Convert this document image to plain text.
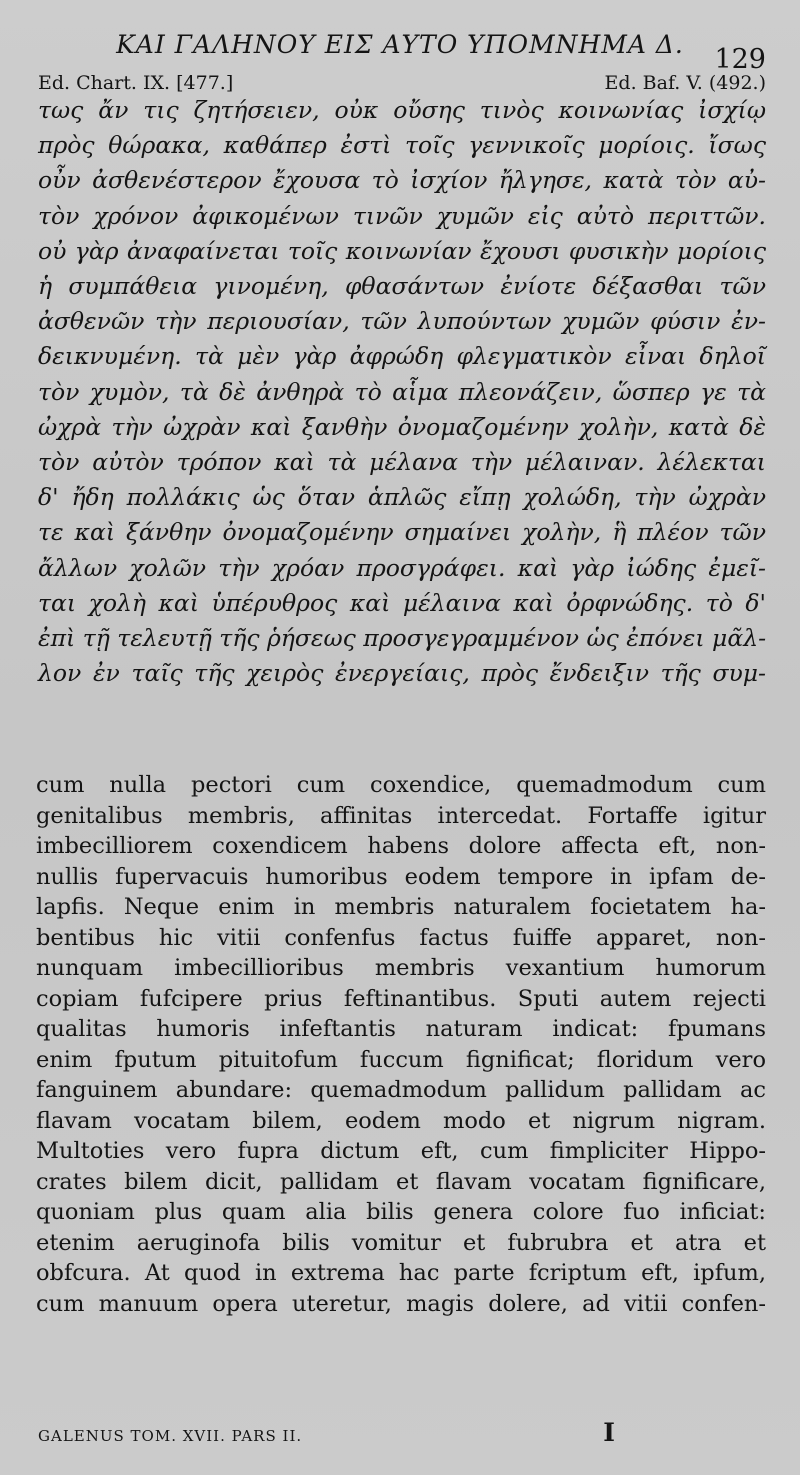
ΚΑΙ ΓΑΛΗΝΟΥ ΕΙΣ ΑΥΤΟ ΥΠΟΜΝΗΜΑ Δ.	129
Ed. Chart. IX. [477.]	Ed. Baf. V. (492.)
τως ἄν τις ζητήσειεν, οὐκ οὔσης τινὸς κοινωνίας ἰσχίῳ
πρὸς θώρακα, καθάπερ ἐστὶ τοῖς γεννικοῖς μορίοις. ἴσως
οὖν ἀσθενέστερον ἔχουσα τὸ ἰσχίον ἤλγησε, κατὰ τὸν αὐ-
τὸν χρόνον ἀφικομένων τινῶν χυμῶν εἰς αὐτὸ περιττῶν.
οὐ γὰρ ἀναφαίνεται τοῖς κοινωνίαν ἔχουσι φυσικὴν μορίοις
ἡ συμπάθεια γινομένη, φθασάντων ἐνίοτε δέξασθαι τῶν
ἀσθενῶν τὴν περιουσίαν, τῶν λυπούντων χυμῶν φύσιν ἐν-
δεικνυμένη. τὰ μὲν γὰρ ἀφρώδη φλεγματικὸν εἶναι δηλοῖ
τὸν χυμὸν, τὰ δὲ ἀνθηρὰ τὸ αἷμα πλεονάζειν, ὥσπερ γε τὰ
ὠχρὰ τὴν ὠχρὰν καὶ ξανθὴν ὀνομαζομένην χολὴν, κατὰ δὲ
τὸν αὐτὸν τρόπον καὶ τὰ μέλανα τὴν μέλαιναν. λέλεκται
δ' ἤδη πολλάκις ὡς ὅταν ἁπλῶς εἴπῃ χολώδη, τὴν ὠχρὰν
τε καὶ ξάνθην ὀνομαζομένην σημαίνει χολὴν, ἣ πλέον τῶν
ἄλλων χολῶν τὴν χρόαν προσγράφει. καὶ γὰρ ἰώδης ἐμεῖ-
ται χολὴ καὶ ὑπέρυθρος καὶ μέλαινα καὶ ὀρφνώδης. τὸ δ'
ἐπὶ τῇ τελευτῇ τῆς ῥήσεως προσγεγραμμένον ὡς ἐπόνει μᾶλ-
λον ἐν ταῖς τῆς χειρὸς ἐνεργείαις, πρὸς ἔνδειξιν τῆς συμ-

cum nulla pectori cum coxendice, quemadmodum cum
genitalibus membris, affinitas intercedat. Fortaffe igitur
imbecilliorem coxendicem habens dolore affecta eft, non-
nullis fupervacuis humoribus eodem tempore in ipfam de-
lapfis. Neque enim in membris naturalem focietatem ha-
bentibus hic vitii confenfus factus fuiffe apparet, non-
nunquam imbecillioribus membris vexantium humorum
copiam fufcipere prius feftinantibus. Sputi autem rejecti
qualitas humoris infeftantis naturam indicat: fpumans
enim fputum pituitofum fuccum fignificat; floridum vero
fanguinem abundare: quemadmodum pallidum pallidam ac
flavam vocatam bilem, eodem modo et nigrum nigram.
Multoties vero fupra dictum eft, cum fimpliciter Hippo-
crates bilem dicit, pallidam et flavam vocatam fignificare,
quoniam plus quam alia bilis genera colore fuo inficiat:
etenim aeruginofa bilis vomitur et fubrubra et atra et
obfcura. At quod in extrema hac parte fcriptum eft, ipfum,
cum manuum opera uteretur, magis dolere, ad vitii confen-
GALENUS TOM. XVII. PARS II.	I
